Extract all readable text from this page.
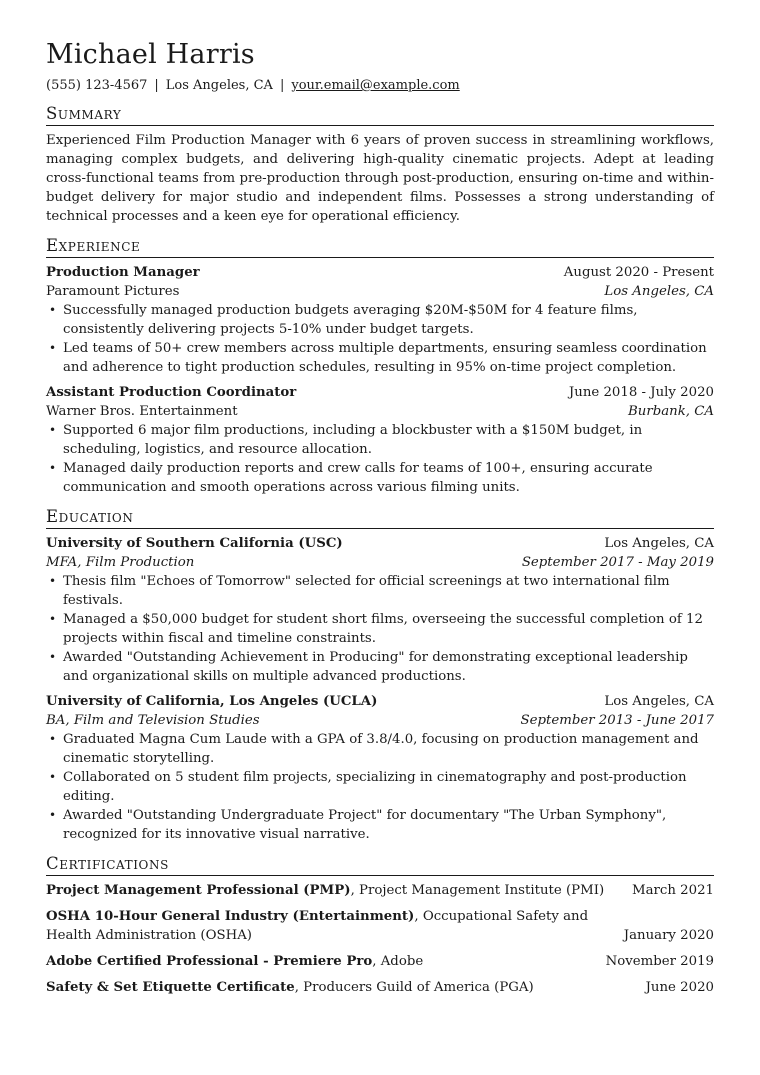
Michael Harris
(555) 123-4567 | Los Angeles, CA | your.email@example.com
Summary
Experienced Film Production Manager with 6 years of proven success in streamlining workflows, managing complex budgets, and delivering high-quality cinematic projects. Adept at leading cross-functional teams from pre-production through post-production, ensuring on-time and within-budget delivery for major studio and independent films. Possesses a strong understanding of technical processes and a keen eye for operational efficiency.
Experience
Production Manager	August 2020 - Present
Paramount Pictures	Los Angeles, CA
• Successfully managed production budgets averaging $20M-$50M for 4 feature films, consistently delivering projects 5-10% under budget targets.
• Led teams of 50+ crew members across multiple departments, ensuring seamless coordination and adherence to tight production schedules, resulting in 95% on-time project completion.
Assistant Production Coordinator	June 2018 - July 2020
Warner Bros. Entertainment	Burbank, CA
• Supported 6 major film productions, including a blockbuster with a $150M budget, in scheduling, logistics, and resource allocation.
• Managed daily production reports and crew calls for teams of 100+, ensuring accurate communication and smooth operations across various filming units.
Education
University of Southern California (USC)	Los Angeles, CA
MFA, Film Production	September 2017 - May 2019
• Thesis film "Echoes of Tomorrow" selected for official screenings at two international film festivals.
• Managed a $50,000 budget for student short films, overseeing the successful completion of 12 projects within fiscal and timeline constraints.
• Awarded "Outstanding Achievement in Producing" for demonstrating exceptional leadership and organizational skills on multiple advanced productions.
University of California, Los Angeles (UCLA)	Los Angeles, CA
BA, Film and Television Studies	September 2013 - June 2017
• Graduated Magna Cum Laude with a GPA of 3.8/4.0, focusing on production management and cinematic storytelling.
• Collaborated on 5 student film projects, specializing in cinematography and post-production editing.
• Awarded "Outstanding Undergraduate Project" for documentary "The Urban Symphony", recognized for its innovative visual narrative.
Certifications
Project Management Professional (PMP), Project Management Institute (PMI)	March 2021
OSHA 10-Hour General Industry (Entertainment), Occupational Safety and Health Administration (OSHA)	January 2020
Adobe Certified Professional - Premiere Pro, Adobe	November 2019
Safety & Set Etiquette Certificate, Producers Guild of America (PGA)	June 2020
